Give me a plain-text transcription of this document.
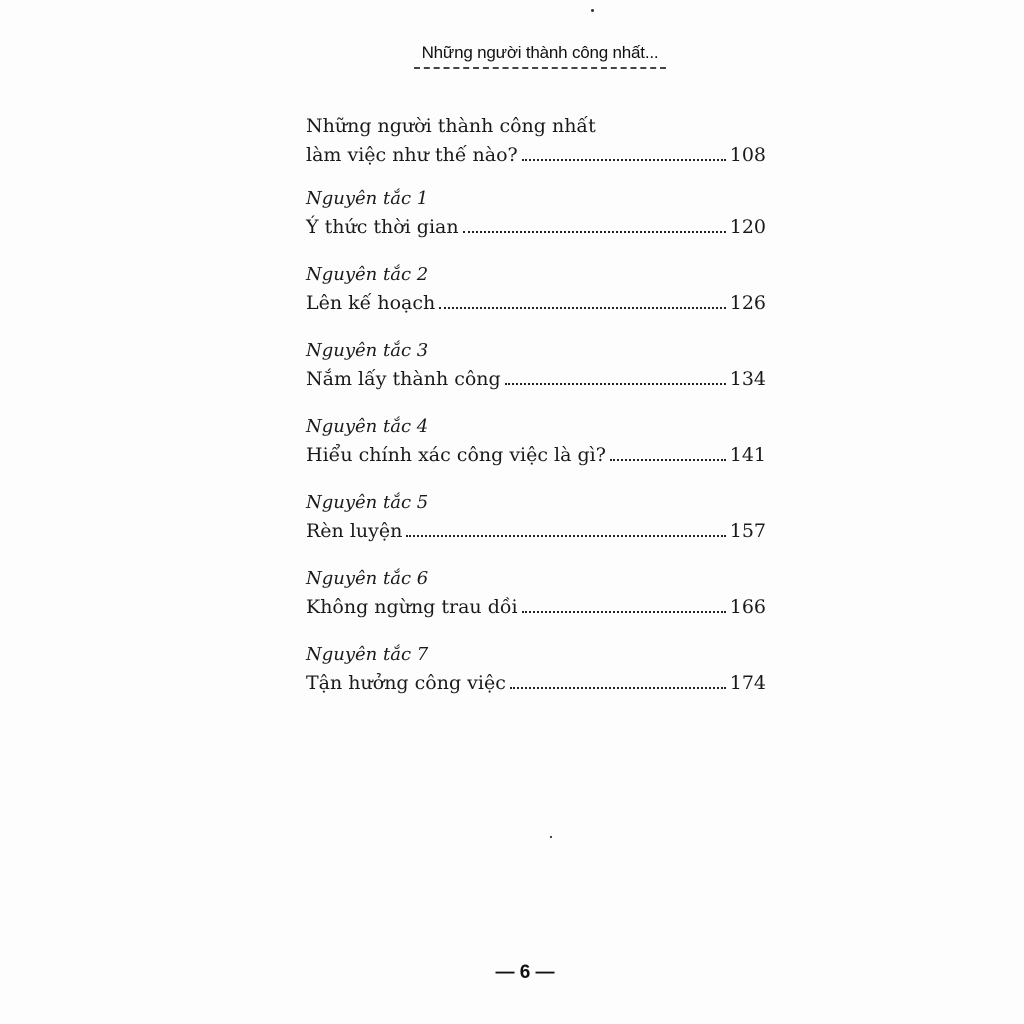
Những người thành công nhất...
Những người thành công nhất
làm việc như thế nào?	108
Nguyên tắc 1
Ý thức thời gian	120
Nguyên tắc 2
Lên kế hoạch	126
Nguyên tắc 3
Nắm lấy thành công	134
Nguyên tắc 4
Hiểu chính xác công việc là gì?	141
Nguyên tắc 5
Rèn luyện	157
Nguyên tắc 6
Không ngừng trau dồi	166
Nguyên tắc 7
Tận hưởng công việc	174
— 6 —
